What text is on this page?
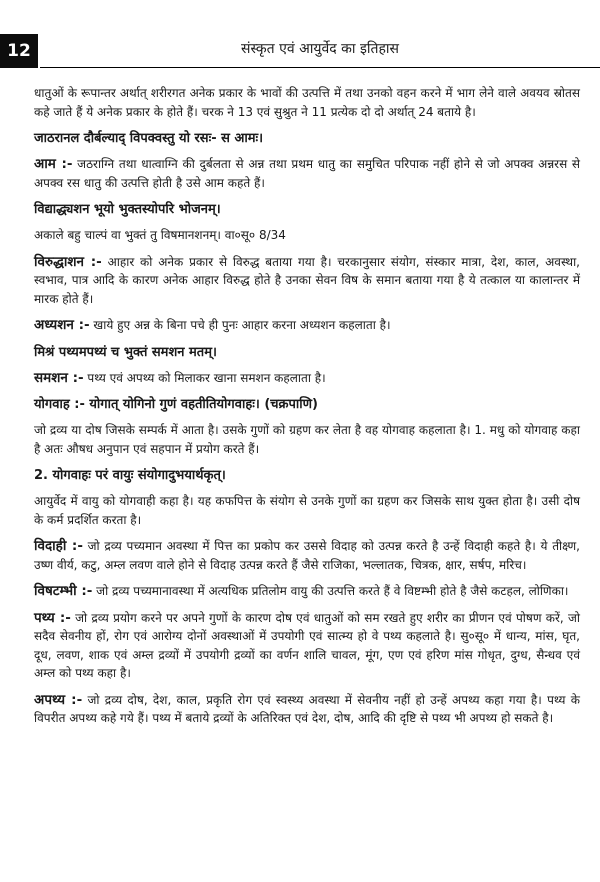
12	संस्कृत एवं आयुर्वेद का इतिहास

धातुओं के रूपान्तर अर्थात् शरीरगत अनेक प्रकार के भावों की उत्पत्ति में तथा उनको वहन करने में भाग लेने वाले अवयव स्रोतस कहे जाते हैं ये अनेक प्रकार के होते हैं। चरक ने 13 एवं सुश्रुत ने 11 प्रत्येक दो दो अर्थात् 24 बताये है।

जाठरानल दौर्बल्याद् विपक्वस्तु यो रसः- स आमः।

आम :- जठराग्नि तथा धात्वाग्नि की दुर्बलता से अन्न तथा प्रथम धातु का समुचित परिपाक नहीं होने से जो अपक्व अन्नरस से अपक्व रस धातु की उत्पत्ति होती है उसे आम कहते हैं।

विद्याद्ध्यशन भूयो भुक्तस्योपरि भोजनम्।

अकाले बहु चाल्पं वा भुक्तं तु विषमानशनम्। वा०सू० 8/34

विरुद्धाशन :- आहार को अनेक प्रकार से विरुद्ध बताया गया है। चरकानुसार संयोग, संस्कार मात्रा, देश, काल, अवस्था, स्वभाव, पात्र आदि के कारण अनेक आहार विरुद्ध होते है उनका सेवन विष के समान बताया गया है ये तत्काल या कालान्तर में मारक होते हैं।

अध्यशन :- खाये हुए अन्न के बिना पचे ही पुनः आहार करना अध्यशन कहलाता है।

मिश्रं पथ्यमपथ्यं च भुक्तं समशन मतम्।

समशन :- पथ्य एवं अपथ्य को मिलाकर खाना समशन कहलाता है।

योगवाह :- योगात् योगिनो गुणं वहतीतियोगवाहः। (चक्रपाणि)

जो द्रव्य या दोष जिसके सम्पर्क में आता है। उसके गुणों को ग्रहण कर लेता है वह योगवाह कहलाता है। 1. मधु को योगवाह कहा है अतः औषध अनुपान एवं सहपान में प्रयोग करते हैं।

2. योगवाहः परं वायुः संयोगादुभयार्थकृत्।

आयुर्वेद में वायु को योगवाही कहा है। यह कफपित्त के संयोग से उनके गुणों का ग्रहण कर जिसके साथ युक्त होता है। उसी दोष के कर्म प्रदर्शित करता है।

विदाही :- जो द्रव्य पच्यमान अवस्था में पित्त का प्रकोप कर उससे विदाह को उत्पन्न करते है उन्हें विदाही कहते है। ये तीक्ष्ण, उष्ण वीर्य, कटु, अम्ल लवण वाले होने से विदाह उत्पन्न करते हैं जैसे राजिका, भल्लातक, चित्रक, क्षार, सर्षप, मरिच।

विषटम्भी :- जो द्रव्य पच्यमानावस्था में अत्यधिक प्रतिलोम वायु की उत्पत्ति करते हैं वे विष्टम्भी होते है जैसे कटहल, लोणिका।

पथ्य :- जो द्रव्य प्रयोग करने पर अपने गुणों के कारण दोष एवं धातुओं को सम रखते हुए शरीर का प्रीणन एवं पोषण करें, जो सदैव सेवनीय हों, रोग एवं आरोग्य दोनों अवस्थाओं में उपयोगी एवं सात्म्य हो वे पथ्य कहलाते है। सु०सू० में धान्य, मांस, घृत, दूध, लवण, शाक एवं अम्ल द्रव्यों में उपयोगी द्रव्यों का वर्णन शालि चावल, मूंग, एण एवं हरिण मांस गोधृत, दुग्ध, सैन्धव एवं अम्ल को पथ्य कहा है।

अपथ्य :- जो द्रव्य दोष, देश, काल, प्रकृति रोग एवं स्वस्थ्य अवस्था में सेवनीय नहीं हो उन्हें अपथ्य कहा गया है। पथ्य के विपरीत अपथ्य कहे गये हैं। पथ्य में बताये द्रव्यों के अतिरिक्त एवं देश, दोष, आदि की दृष्टि से पथ्य भी अपथ्य हो सकते है।
